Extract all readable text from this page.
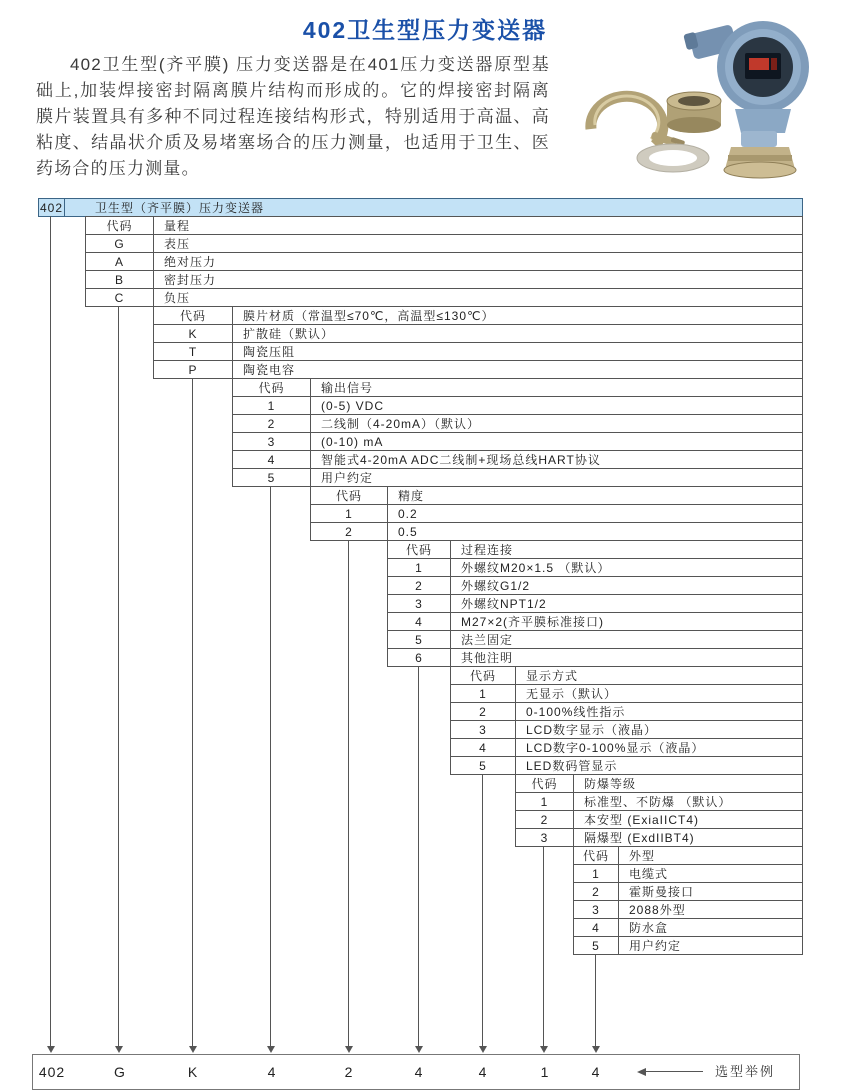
402卫生型压力变送器
402卫生型(齐平膜) 压力变送器是在401压力变送器原型基础上,加装焊接密封隔离膜片结构而形成的。它的焊接密封隔离膜片装置具有多种不同过程连接结构形式，特别适用于高温、高粘度、结晶状介质及易堵塞场合的压力测量，也适用于卫生、医药场合的压力测量。
402	卫生型（齐平膜）压力变送器
代码	量程
G	表压
A	绝对压力
B	密封压力
C	负压
代码	膜片材质（常温型≤70℃，高温型≤130℃）
K	扩散硅（默认）
T	陶瓷压阻
P	陶瓷电容
代码	输出信号
1	(0-5) VDC
2	二线制（4-20mA）（默认）
3	(0-10) mA
4	智能式4-20mA ADC二线制+现场总线HART协议
5	用户约定
代码	精度
1	0.2
2	0.5
代码	过程连接
1	外螺纹M20×1.5 （默认）
2	外螺纹G1/2
3	外螺纹NPT1/2
4	M27×2(齐平膜标准接口)
5	法兰固定
6	其他注明
代码	显示方式
1	无显示（默认）
2	0-100%线性指示
3	LCD数字显示（液晶）
4	LCD数字0-100%显示（液晶）
5	LED数码管显示
代码	防爆等级
1	标准型、不防爆 （默认）
2	本安型 (ExiaIICT4)
3	隔爆型 (ExdIIBT4)
代码	外型
1	电缆式
2	霍斯曼接口
3	2088外型
4	防水盒
5	用户约定
402	G	K	4	2	4	4	1	4	选型举例
